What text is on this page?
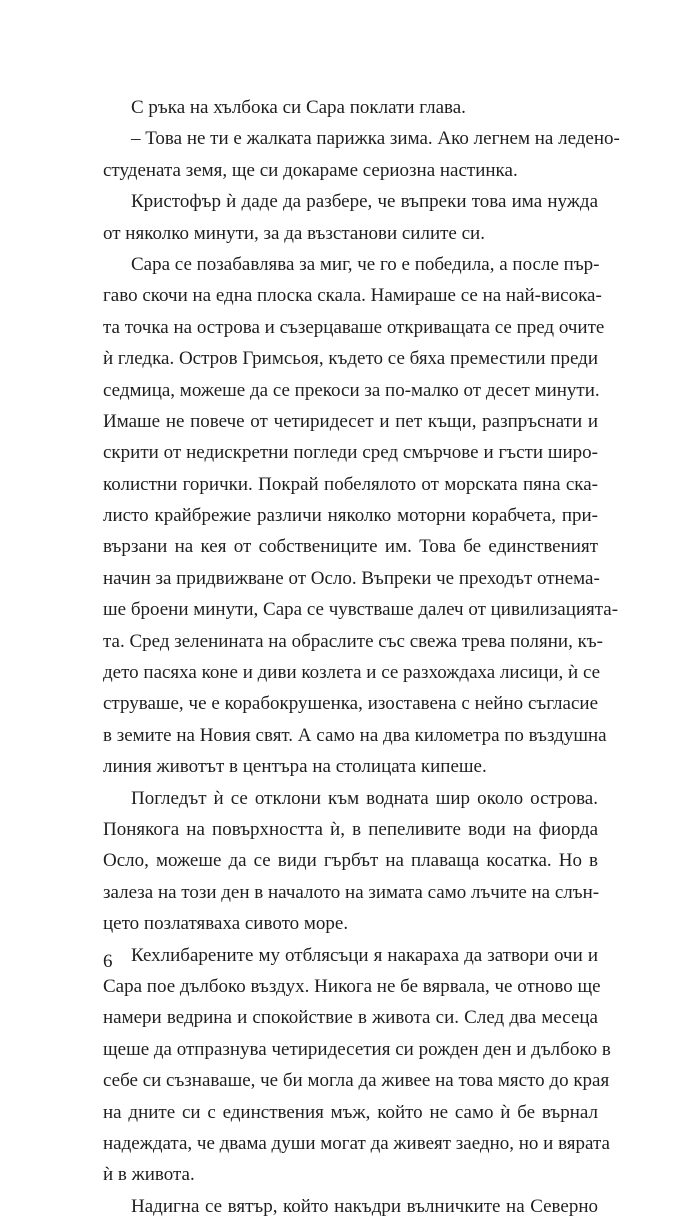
С ръка на хълбока си Сара поклати глава.
– Това не ти е жалката парижка зима. Ако легнем на ледено-
студената земя, ще си докараме сериозна настинка.
Кристофър ѝ даде да разбере, че въпреки това има нужда
от няколко минути, за да възстанови силите си.
Сара се позабавлява за миг, че го е победила, а после пър-
гаво скочи на една плоска скала. Намираше се на най-висока-
та точка на острова и съзерцаваше откриващата се пред очите
ѝ гледка. Остров Гримсьоя, където се бяха преместили преди
седмица, можеше да се прекоси за по-малко от десет минути.
Имаше не повече от четиридесет и пет къщи, разпръснати и
скрити от недискретни погледи сред смърчове и гъсти широ-
колистни горички. Покрай побелялото от морската пяна ска-
листо крайбрежие различи няколко моторни корабчета, при-
вързани на кея от собствениците им. Това бе единственият
начин за придвижване от Осло. Въпреки че преходът отнема-
ше броени минути, Сара се чувстваше далеч от цивилизацията-
та. Сред зеленината на обраслите със свежа трева поляни, къ-
дето пасяха коне и диви козлета и се разхождаха лисици, ѝ се
струваше, че е корабокрушенка, изоставена с нейно съгласие
в земите на Новия свят. А само на два километра по въздушна
линия животът в центъра на столицата кипеше.
Погледът ѝ се отклони към водната шир около острова.
Понякога на повърхността ѝ, в пепеливите води на фиорда
Осло, можеше да се види гърбът на плаваща косатка. Но в
залеза на този ден в началото на зимата само лъчите на слън-
цето позлатяваха сивото море.
Кехлибарените му отблясъци я накараха да затвори очи и
Сара пое дълбоко въздух. Никога не бе вярвала, че отново ще
намери ведрина и спокойствие в живота си. След два месеца
щеше да отпразнува четиридесетия си рожден ден и дълбоко в
себе си съзнаваше, че би могла да живее на това място до края
на дните си с единствения мъж, който не само ѝ бе върнал
надеждата, че двама души могат да живеят заедно, но и вярата
ѝ в живота.
Надигна се вятър, който накъдри вълничките на Северно
6
